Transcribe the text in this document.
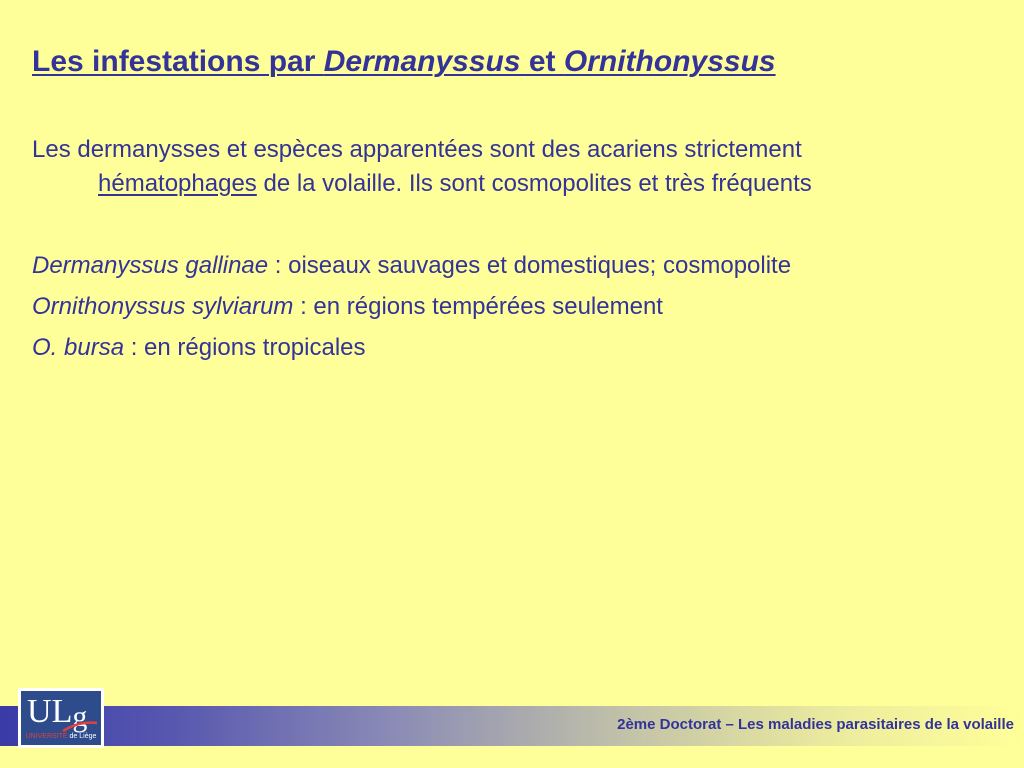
Les infestations par Dermanyssus et Ornithonyssus

Les dermanysses et espèces apparentées sont des acariens strictement
hématophages de la volaille. Ils sont cosmopolites et très fréquents

Dermanyssus gallinae : oiseaux sauvages et domestiques; cosmopolite
Ornithonyssus sylviarum : en régions tempérées seulement
O. bursa : en régions tropicales
2ème Doctorat – Les maladies parasitaires de la volaille
ULg
UNIVERSITÉ de Liège
